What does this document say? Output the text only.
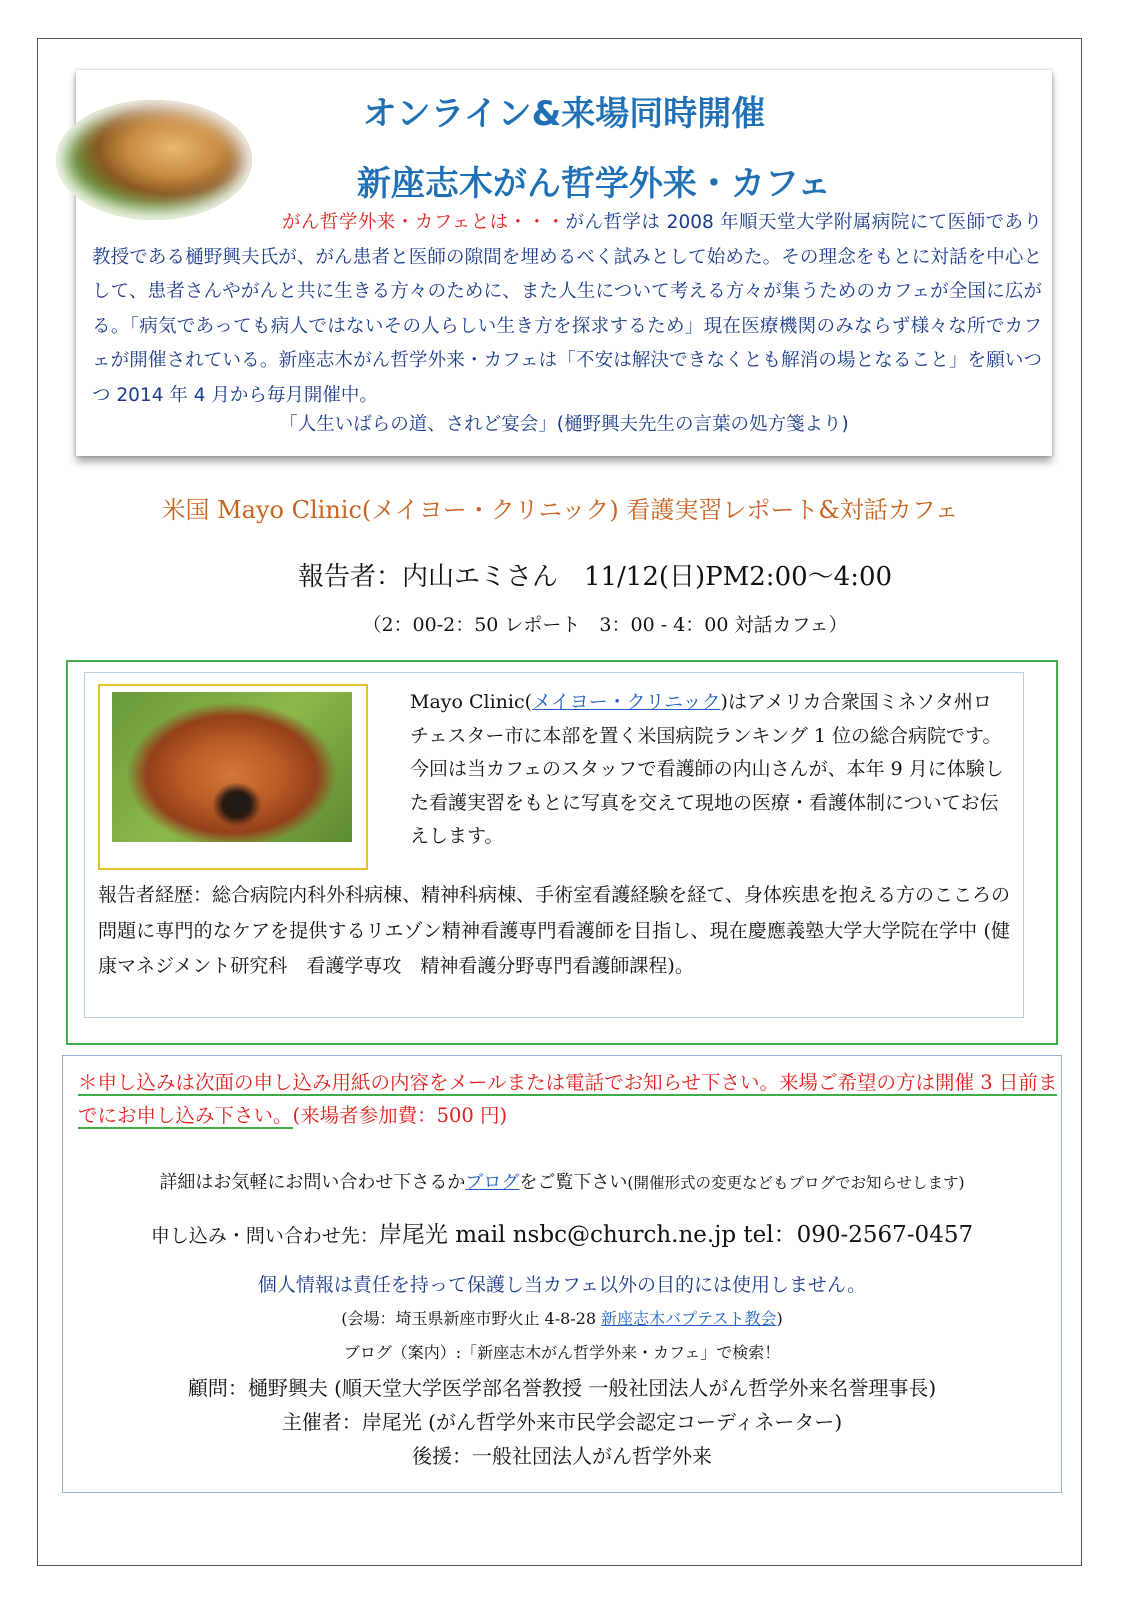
オンライン&来場同時開催
新座志木がん哲学外来・カフェ
がん哲学外来・カフェとは・・・がん哲学は 2008 年順天堂大学附属病院にて医師であり教授である樋野興夫氏が、がん患者と医師の隙間を埋めるべく試みとして始めた。その理念をもとに対話を中心として、患者さんやがんと共に生きる方々のために、また人生について考える方々が集うためのカフェが全国に広がる。「病気であっても病人ではないその人らしい生き方を探求するため」現在医療機関のみならず様々な所でカフェが開催されている。新座志木がん哲学外来・カフェは「不安は解決できなくとも解消の場となること」を願いつつ 2014 年 4 月から毎月開催中。
「人生いばらの道、されど宴会」(樋野興夫先生の言葉の処方箋より)
米国 Mayo Clinic(メイヨー・クリニック) 看護実習レポート&対話カフェ
報告者：内山エミさん　11/12(日)PM2:00～4:00
（2：00-2：50 レポート　3：00 - 4：00 対話カフェ）
Mayo Clinic(メイヨー・クリニック)はアメリカ合衆国ミネソタ州ロチェスター市に本部を置く米国病院ランキング 1 位の総合病院です。今回は当カフェのスタッフで看護師の内山さんが、本年 9 月に体験した看護実習をもとに写真を交えて現地の医療・看護体制についてお伝えします。
報告者経歴：総合病院内科外科病棟、精神科病棟、手術室看護経験を経て、身体疾患を抱える方のこころの問題に専門的なケアを提供するリエゾン精神看護専門看護師を目指し、現在慶應義塾大学大学院在学中 (健康マネジメント研究科　看護学専攻　精神看護分野専門看護師課程)。
＊申し込みは次面の申し込み用紙の内容をメールまたは電話でお知らせ下さい。来場ご希望の方は開催 3 日前までにお申し込み下さい。(来場者参加費：500 円)
詳細はお気軽にお問い合わせ下さるかブログをご覧下さい(開催形式の変更などもブログでお知らせします)
申し込み・問い合わせ先：岸尾光 mail nsbc@church.ne.jp tel：090-2567-0457
個人情報は責任を持って保護し当カフェ以外の目的には使用しません。
(会場：埼玉県新座市野火止 4-8-28 新座志木バプテスト教会)
ブログ（案内）:「新座志木がん哲学外来・カフェ」で検索！
顧問：樋野興夫 (順天堂大学医学部名誉教授 一般社団法人がん哲学外来名誉理事長)
主催者：岸尾光 (がん哲学外来市民学会認定コーディネーター)
後援：一般社団法人がん哲学外来
